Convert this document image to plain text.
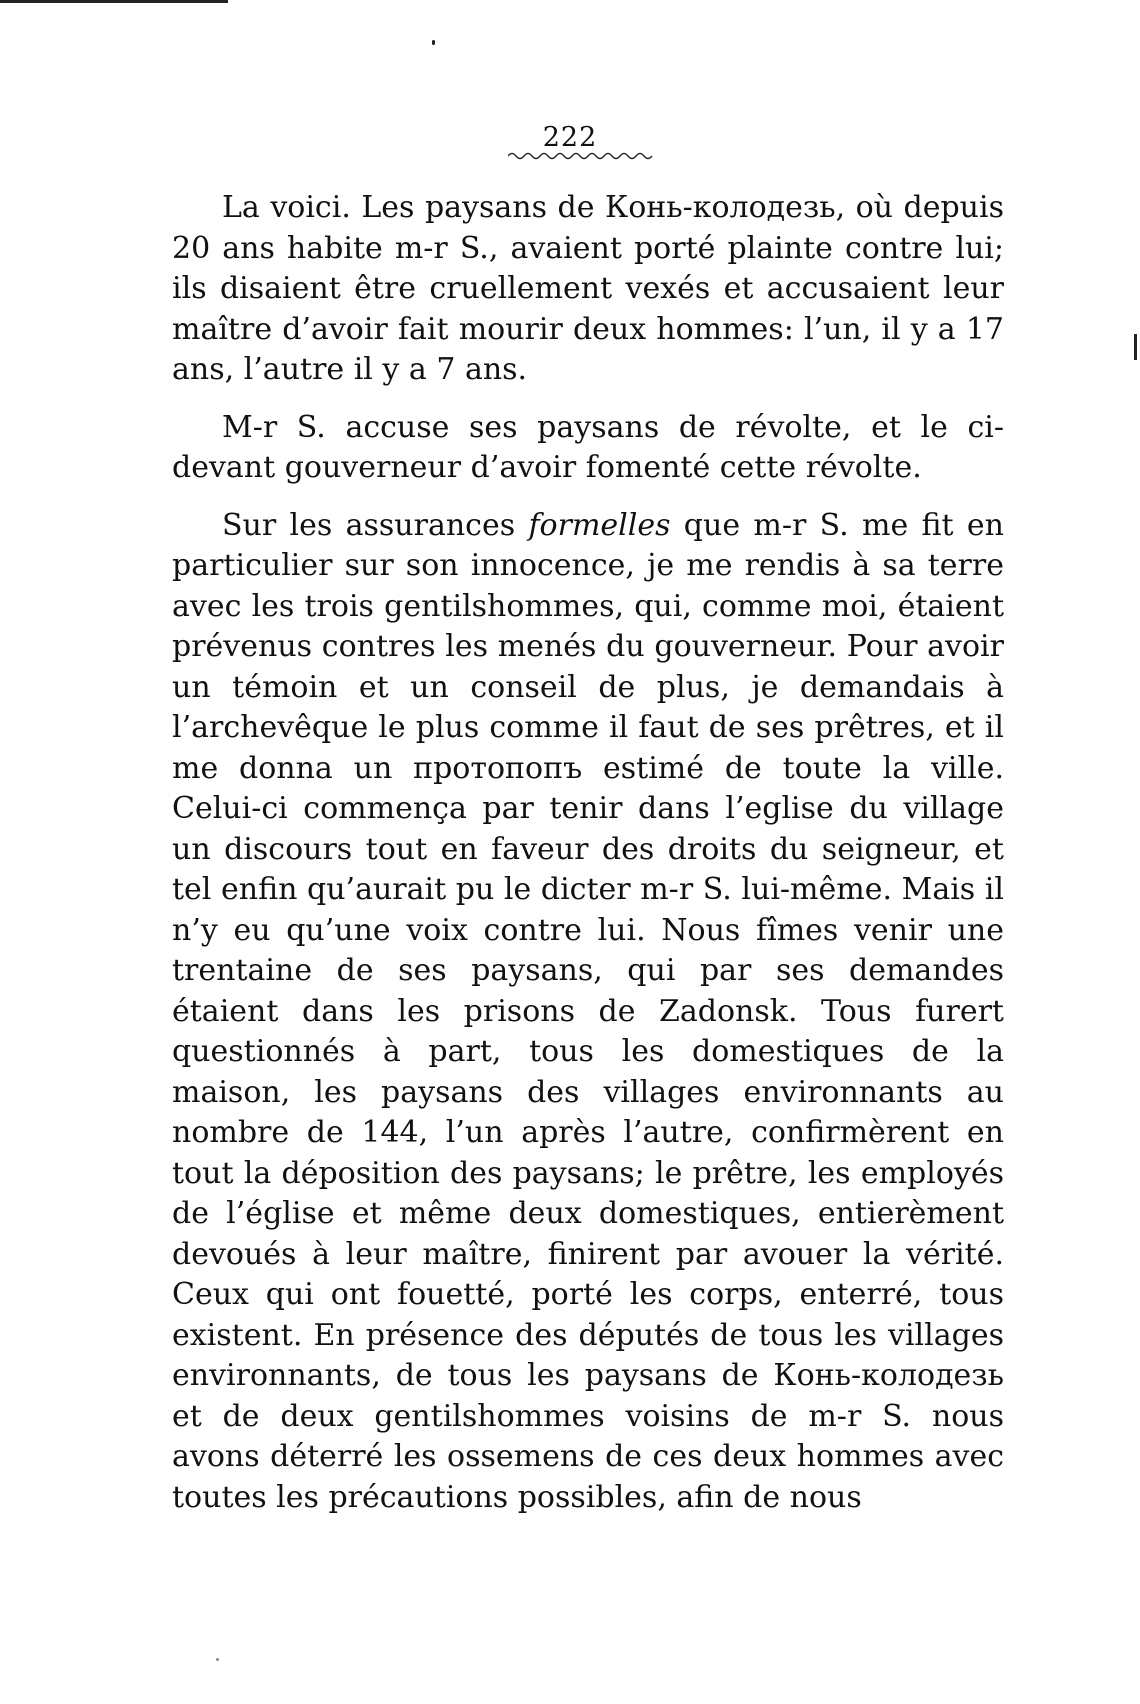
222

La voici. Les paysans de Конь-колодезь, où depuis 20 ans habite m-r S., avaient porté plainte contre lui; ils disaient être cruellement vexés et accusaient leur maître d’avoir fait mourir deux hommes: l’un, il y a 17 ans, l’autre il y a 7 ans.

M-r S. accuse ses paysans de révolte, et le ci-devant gouverneur d’avoir fomenté cette révolte.

Sur les assurances formelles que m-r S. me fit en particulier sur son innocence, je me rendis à sa terre avec les trois gentilshommes, qui, comme moi, étaient prévenus contres les menés du gouverneur. Pour avoir un témoin et un conseil de plus, je demandais à l’archevêque le plus comme il faut de ses prêtres, et il me donna un протопопъ estimé de toute la ville. Celui-ci commença par tenir dans l’eglise du village un discours tout en faveur des droits du seigneur, et tel enfin qu’aurait pu le dicter m-r S. lui-même. Mais il n’y eu qu’une voix contre lui. Nous fîmes venir une trentaine de ses paysans, qui par ses demandes étaient dans les prisons de Zadonsk. Tous furert questionnés à part, tous les domestiques de la maison, les paysans des villages environnants au nombre de 144, l’un après l’autre, confirmèrent en tout la déposition des paysans; le prêtre, les employés de l’église et même deux domestiques, entierèment devoués à leur maître, finirent par avouer la vérité. Ceux qui ont fouetté, porté les corps, enterré, tous existent. En présence des députés de tous les villages environnants, de tous les paysans de Конь-колодезь et de deux gentilshommes voisins de m-r S. nous avons déterré les ossemens de ces deux hommes avec toutes les précautions possibles, afin de nous
